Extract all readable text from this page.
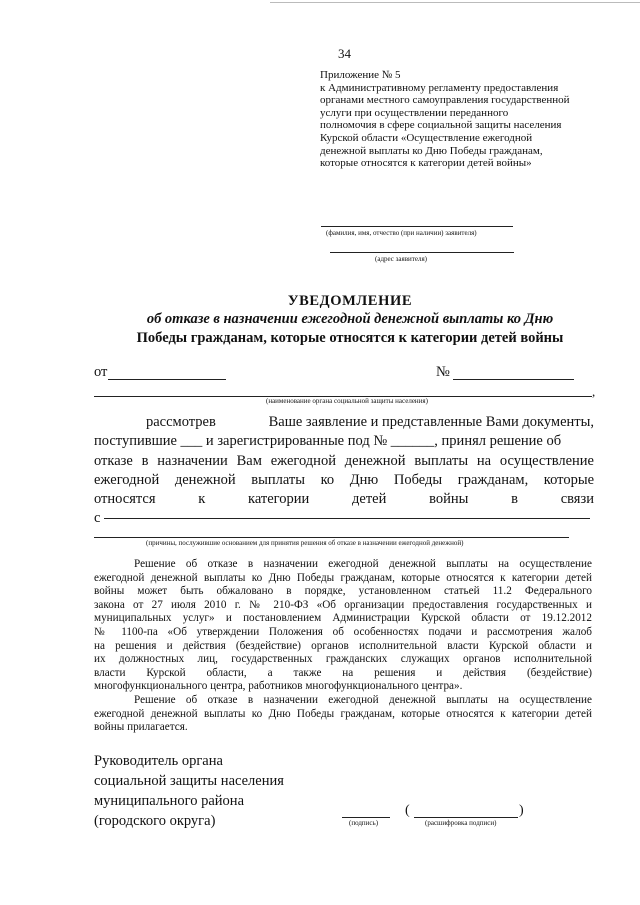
34
Приложение № 5
к Административному регламенту предоставления
органами местного самоуправления государственной
услуги при осуществлении переданного
полномочия в сфере социальной защиты населения
Курской области «Осуществление ежегодной
денежной выплаты ко Дню Победы гражданам,
которые относятся к категории детей войны»
(фамилия, имя, отчество (при наличии) заявителя)
(адрес заявителя)
УВЕДОМЛЕНИЕ
об отказе в назначении ежегодной денежной выплаты ко Дню
Победы гражданам, которые относятся к категории детей войны
от	№
,
(наименование органа социальной защиты населения)
рассмотрев	Ваше заявление и представленные Вами документы,
поступившие ___ и зарегистрированные под № ______, принял решение об
отказе в назначении Вам ежегодной денежной выплаты на осуществление
ежегодной денежной выплаты ко Дню Победы гражданам, которые
относятся	к	категории	детей	войны	в	связи
с
(причины, послужившие основанием для принятия решения об отказе в назначении ежегодной денежной)
Решение об отказе в назначении ежегодной денежной выплаты на осуществление
ежегодной денежной выплаты ко Дню Победы гражданам, которые относятся к категории детей
войны может быть обжаловано в порядке, установленном статьей 11.2 Федерального
закона от 27 июля 2010 г. № 210-ФЗ «Об организации предоставления государственных и
муниципальных услуг» и постановлением Администрации Курской области от 19.12.2012
№ 1100-па «Об утверждении Положения об особенностях подачи и рассмотрения жалоб
на решения и действия (бездействие) органов исполнительной власти Курской области и
их должностных лиц, государственных гражданских служащих органов исполнительной
власти Курской области, а также на решения и действия (бездействие)
многофункционального центра, работников многофункционального центра».
Решение об отказе в назначении ежегодной денежной выплаты на осуществление
ежегодной денежной выплаты ко Дню Победы гражданам, которые относятся к категории детей
войны прилагается.
Руководитель органа
социальной защиты населения
муниципального района
(городского округа)	(подпись)
(	)
(расшифровка подписи)
